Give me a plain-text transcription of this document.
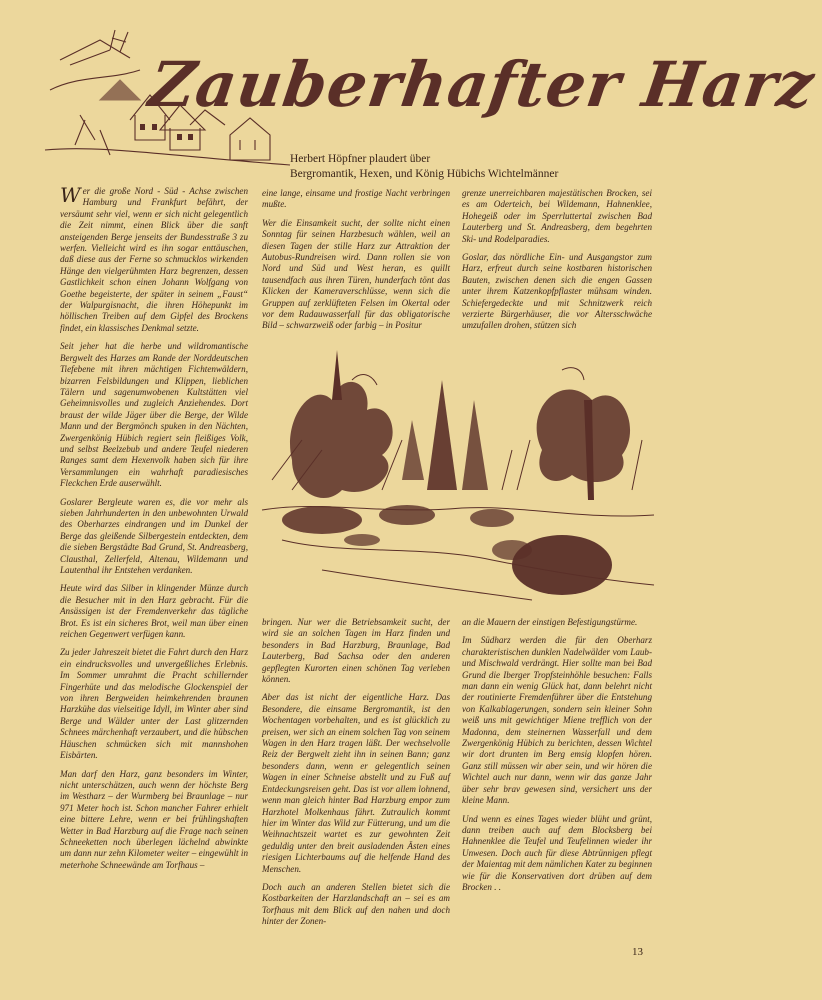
Zauberhafter Harz
Herbert Höpfner plaudert über
Bergromantik, Hexen, und König Hübichs Wichtelmänner

Wer die große Nord - Süd - Achse zwischen Hamburg und Frankfurt befährt, der versäumt sehr viel, wenn er sich nicht gelegentlich die Zeit nimmt, einen Blick über die sanft ansteigenden Berge jenseits der Bundesstraße 3 zu werfen. Vielleicht wird es ihn sogar enttäuschen, daß diese aus der Ferne so schmucklos wirkenden Hänge den vielgerühmten Harz begrenzen, dessen Gastlichkeit schon einen Johann Wolfgang von Goethe begeisterte, der später in seinem „Faust“ der Walpurgisnacht, die ihren Höhepunkt im höllischen Treiben auf dem Gipfel des Brockens findet, ein klassisches Denkmal setzte.

Seit jeher hat die herbe und wildromantische Bergwelt des Harzes am Rande der Norddeutschen Tiefebene mit ihren mächtigen Fichtenwäldern, bizarren Felsbildungen und Klippen, lieblichen Tälern und sagenumwobenen Kultstätten viel Geheimnisvolles und zugleich Anziehendes. Dort braust der wilde Jäger über die Berge, der Wilde Mann und der Bergmönch spuken in den Nächten, Zwergenkönig Hübich regiert sein fleißiges Volk, und selbst Beelzebub und andere Teufel niederen Ranges samt dem Hexenvolk haben sich für ihre Versammlungen ein wahrhaft paradiesisches Fleckchen Erde auserwählt.

Goslarer Bergleute waren es, die vor mehr als sieben Jahrhunderten in den unbewohnten Urwald des Oberharzes eindrangen und im Dunkel der Berge das gleißende Silbergestein entdeckten, dem die sieben Bergstädte Bad Grund, St. Andreasberg, Clausthal, Zellerfeld, Altenau, Wildemann und Lautenthal ihr Entstehen verdanken.

Heute wird das Silber in klingender Münze durch die Besucher mit in den Harz gebracht. Für die Ansässigen ist der Fremdenverkehr das tägliche Brot. Es ist ein sicheres Brot, weil man über einen reichen Gegenwert verfügen kann.

Zu jeder Jahreszeit bietet die Fahrt durch den Harz ein eindrucksvolles und unvergeßliches Erlebnis. Im Sommer umrahmt die Pracht schillernder Fingerhüte und das melodische Glockenspiel der von ihren Bergweiden heimkehrenden braunen Harzkühe das vielseitige Idyll, im Winter aber sind Berge und Wälder unter der Last glitzernden Schnees märchenhaft verzaubert, und die hübschen Häuschen schmücken sich mit mannshohen Eisbärten.

Man darf den Harz, ganz besonders im Winter, nicht unterschätzen, auch wenn der höchste Berg im Westharz – der Wurmberg bei Braunlage – nur 971 Meter hoch ist. Schon mancher Fahrer erhielt eine bittere Lehre, wenn er bei frühlingshaften Wetter in Bad Harzburg auf die Frage nach seinen Schneeketten noch überlegen lächelnd abwinkte um dann nur zehn Kilometer weiter – eingewühlt in meterhohe Schneewände am Torfhaus –

eine lange, einsame und frostige Nacht verbringen mußte.

Wer die Einsamkeit sucht, der sollte nicht einen Sonntag für seinen Harzbesuch wählen, weil an diesen Tagen der stille Harz zur Attraktion der Autobus-Rundreisen wird. Dann rollen sie von Nord und Süd und West heran, es quillt tausendfach aus ihren Türen, hunderfach tönt das Klicken der Kameraverschlüsse, wenn sich die Gruppen auf zerklüfteten Felsen im Okertal oder vor dem Radauwasserfall für das obligatorische Bild – schwarzweiß oder farbig – in Positur

grenze unerreichbaren majestätischen Brocken, sei es am Oderteich, bei Wildemann, Hahnenklee, Hohegeiß oder im Sperrluttertal zwischen Bad Lauterberg und St. Andreasberg, dem begehrten Ski- und Rodelparadies.

Goslar, das nördliche Ein- und Ausgangstor zum Harz, erfreut durch seine kostbaren historischen Bauten, zwischen denen sich die engen Gassen unter ihrem Katzenkopfpflaster mühsam winden. Schiefergedeckte und mit Schnitzwerk reich verzierte Bürgerhäuser, die vor Altersschwäche umzufallen drohen, stützen sich

bringen. Nur wer die Betriebsamkeit sucht, der wird sie an solchen Tagen im Harz finden und besonders in Bad Harzburg, Braunlage, Bad Lauterberg, Bad Sachsa oder den anderen gepflegten Kurorten einen schönen Tag verleben können.

Aber das ist nicht der eigentliche Harz. Das Besondere, die einsame Bergromantik, ist den Wochentagen vorbehalten, und es ist glücklich zu preisen, wer sich an einem solchen Tag von seinem Wagen in den Harz tragen läßt. Der wechselvolle Reiz der Bergwelt zieht ihn in seinen Bann; ganz besonders dann, wenn er gelegentlich seinen Wagen in einer Schneise abstellt und zu Fuß auf Entdeckungsreisen geht. Das ist vor allem lohnend, wenn man gleich hinter Bad Harzburg empor zum Harzhotel Molkenhaus fährt. Zutraulich kommt hier im Winter das Wild zur Fütterung, und um die Weihnachtszeit wartet es zur gewohnten Zeit geduldig unter den breit ausladenden Ästen eines riesigen Lichterbaums auf die helfende Hand des Menschen.

Doch auch an anderen Stellen bietet sich die Kostbarkeiten der Harzlandschaft an – sei es am Torfhaus mit dem Blick auf den nahen und doch hinter der Zonen-

an die Mauern der einstigen Befestigungstürme.

Im Südharz werden die für den Oberharz charakteristischen dunklen Nadelwälder vom Laub- und Mischwald verdrängt. Hier sollte man bei Bad Grund die Iberger Tropfsteinhöhle besuchen: Falls man dann ein wenig Glück hat, dann belehrt nicht der routinierte Fremdenführer über die Entstehung von Kalkablagerungen, sondern sein kleiner Sohn weiß uns mit gewichtiger Miene trefflich von der Madonna, dem steinernen Wasserfall und dem Zwergenkönig Hübich zu berichten, dessen Wichtel wir dort drunten im Berg emsig klopfen hören. Ganz still müssen wir aber sein, und wir hören die Wichtel auch nur dann, wenn wir das ganze Jahr über sehr brav gewesen sind, versichert uns der kleine Mann.

Und wenn es eines Tages wieder blüht und grünt, dann treiben auch auf dem Blocksberg bei Hahnenklee die Teufel und Teufelinnen wieder ihr Unwesen. Doch auch für diese Abtrünnigen pflegt der Maientag mit dem nämlichen Kater zu beginnen wie für die Konservativen dort drüben auf dem Brocken . .

13
